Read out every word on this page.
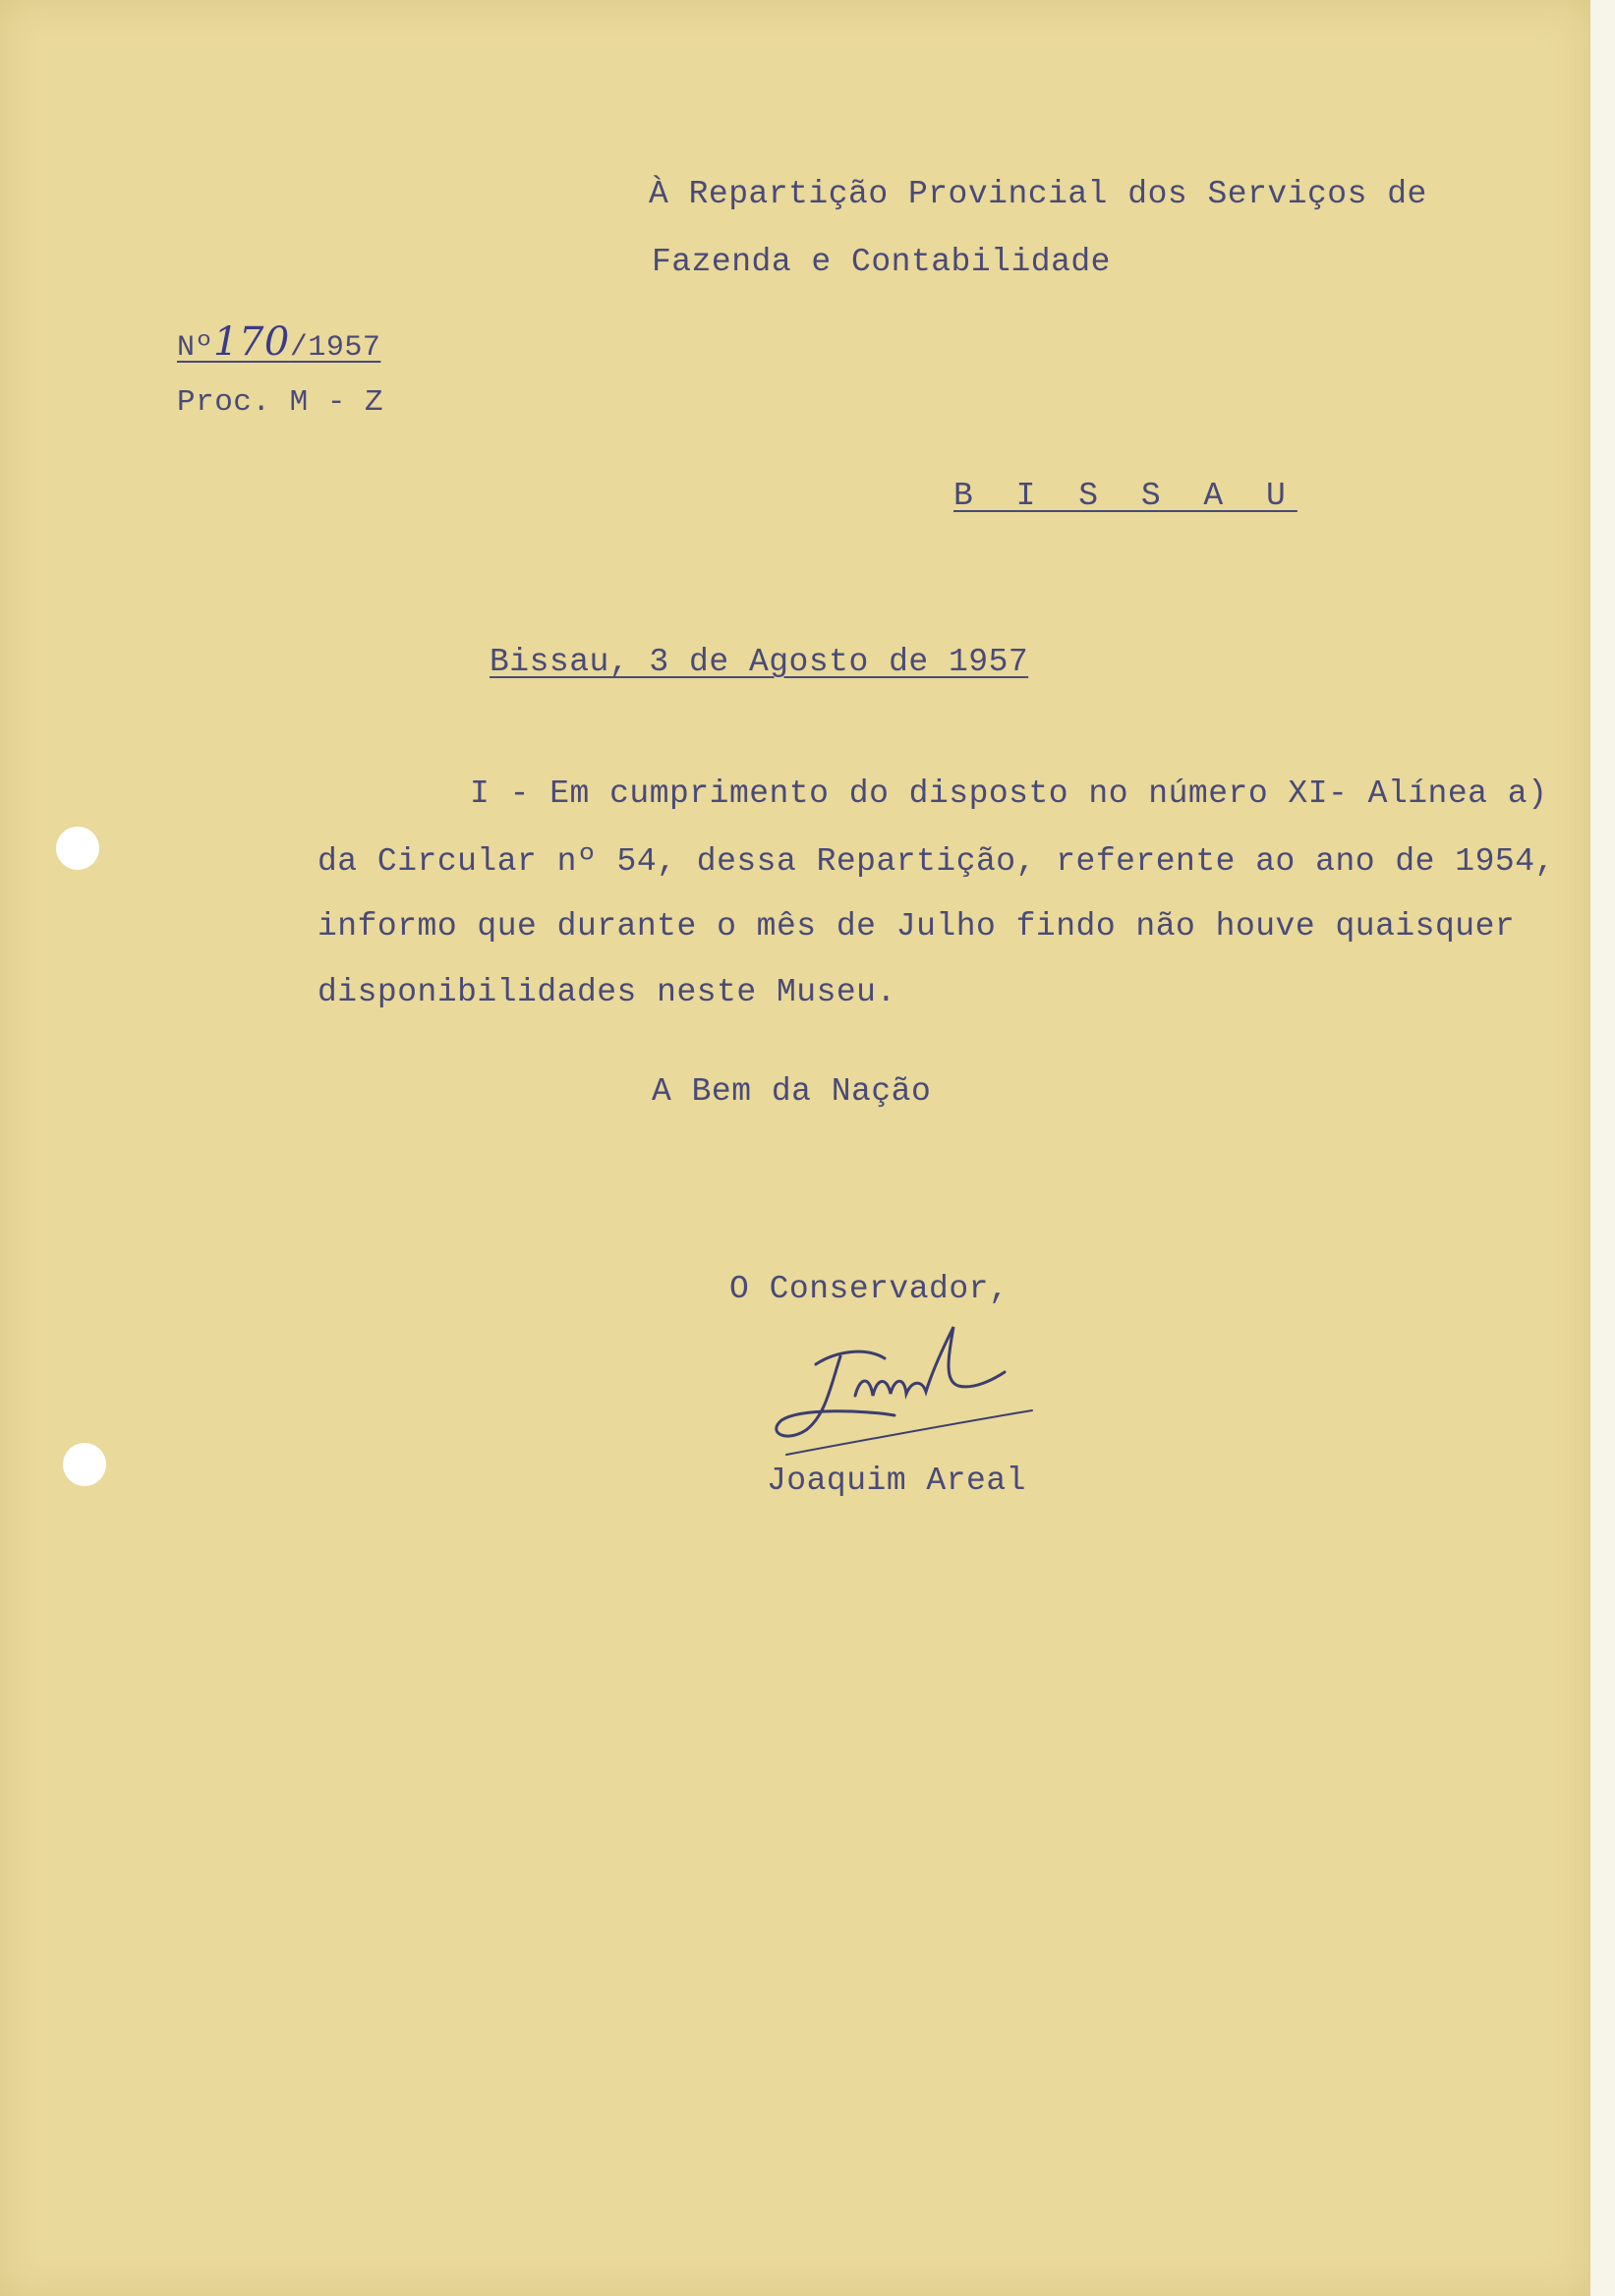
À Repartição Provincial dos Serviços de
Fazenda e Contabilidade
Nº170/1957
Proc. M - Z
B I S S A U
Bissau, 3 de Agosto de 1957
I - Em cumprimento do disposto no número XI- Alínea a)
da Circular nº 54, dessa Repartição, referente ao ano de 1954,
informo que durante o mês de Julho findo não houve quaisquer
disponibilidades neste Museu.
A Bem da Nação
O Conservador,
Joaquim Areal
